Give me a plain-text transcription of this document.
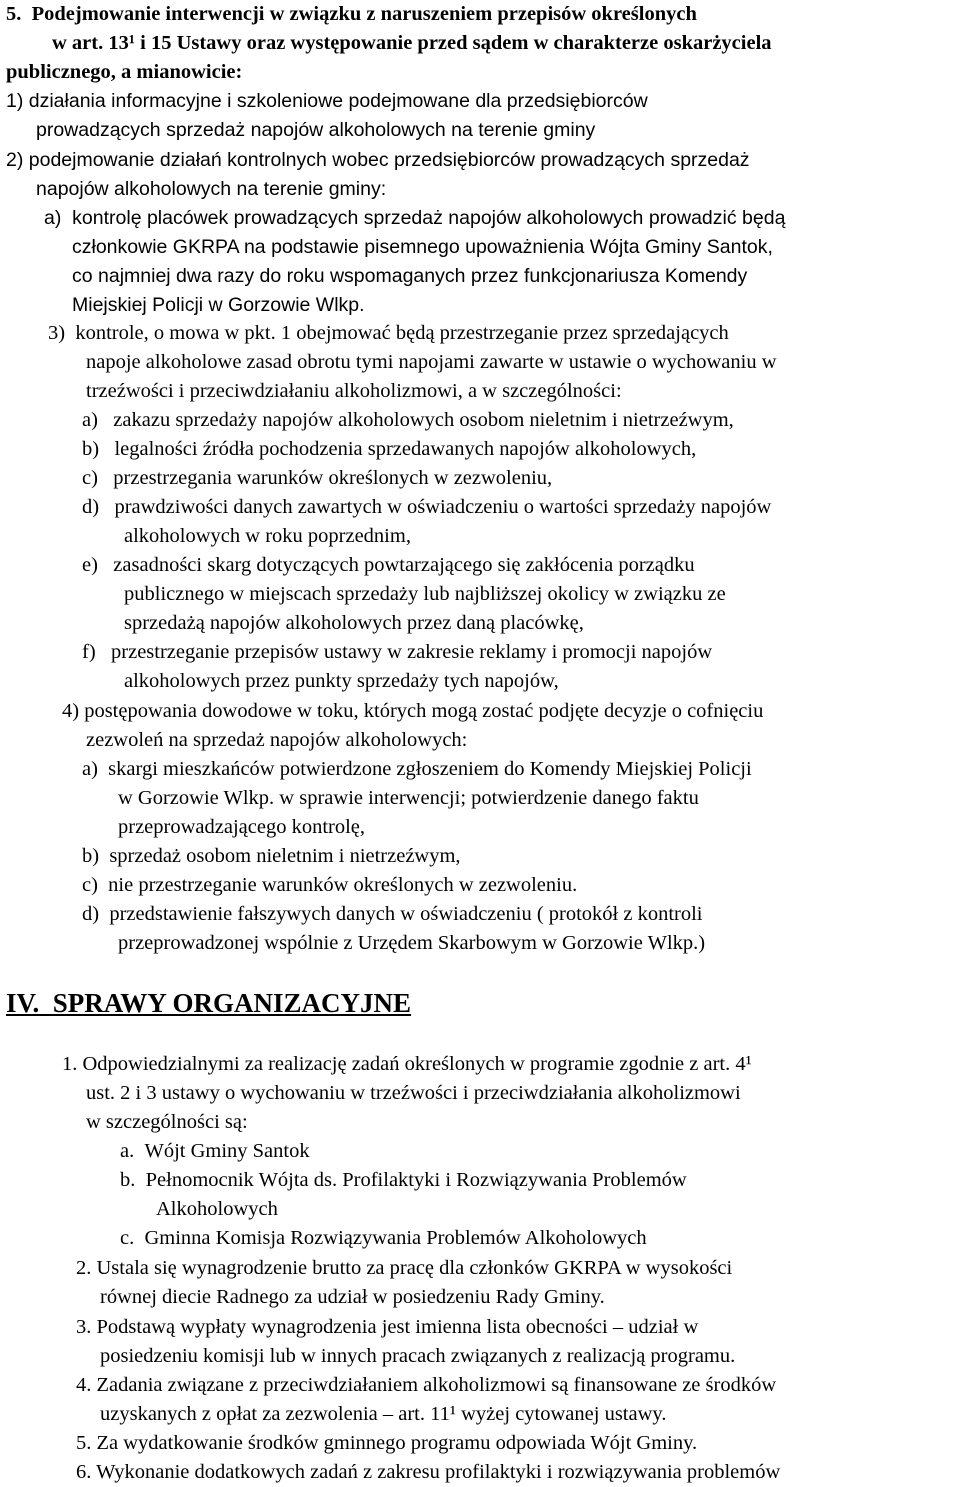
5.  Podejmowanie interwencji w związku z naruszeniem przepisów określonych
w art. 13¹ i 15 Ustawy oraz występowanie przed sądem w charakterze oskarżyciela
publicznego, a mianowicie:
1) działania informacyjne i szkoleniowe podejmowane dla przedsiębiorców
prowadzących sprzedaż napojów alkoholowych na terenie gminy
2) podejmowanie działań kontrolnych wobec przedsiębiorców prowadzących sprzedaż
napojów alkoholowych na terenie gminy:
a)  kontrolę placówek prowadzących sprzedaż napojów alkoholowych prowadzić będą
członkowie GKRPA na podstawie pisemnego upoważnienia Wójta Gminy Santok,
co najmniej dwa razy do roku wspomaganych przez funkcjonariusza Komendy
Miejskiej Policji w Gorzowie Wlkp.
3)  kontrole, o mowa w pkt. 1 obejmować będą przestrzeganie przez sprzedających
napoje alkoholowe zasad obrotu tymi napojami zawarte w ustawie o wychowaniu w
trzeźwości i przeciwdziałaniu alkoholizmowi, a w szczególności:
a)   zakazu sprzedaży napojów alkoholowych osobom nieletnim i nietrzeźwym,
b)   legalności źródła pochodzenia sprzedawanych napojów alkoholowych,
c)   przestrzegania warunków określonych w zezwoleniu,
d)   prawdziwości danych zawartych w oświadczeniu o wartości sprzedaży napojów
alkoholowych w roku poprzednim,
e)   zasadności skarg dotyczących powtarzającego się zakłócenia porządku
publicznego w miejscach sprzedaży lub najbliższej okolicy w związku ze
sprzedażą napojów alkoholowych przez daną placówkę,
f)   przestrzeganie przepisów ustawy w zakresie reklamy i promocji napojów
alkoholowych przez punkty sprzedaży tych napojów,
4) postępowania dowodowe w toku, których mogą zostać podjęte decyzje o cofnięciu
zezwoleń na sprzedaż napojów alkoholowych:
a)  skargi mieszkańców potwierdzone zgłoszeniem do Komendy Miejskiej Policji
w Gorzowie Wlkp. w sprawie interwencji; potwierdzenie danego faktu
przeprowadzającego kontrolę,
b)  sprzedaż osobom nieletnim i nietrzeźwym,
c)  nie przestrzeganie warunków określonych w zezwoleniu.
d)  przedstawienie fałszywych danych w oświadczeniu ( protokół z kontroli
przeprowadzonej wspólnie z Urzędem Skarbowym w Gorzowie Wlkp.)
IV.  SPRAWY ORGANIZACYJNE
1. Odpowiedzialnymi za realizację zadań określonych w programie zgodnie z art. 4¹
ust. 2 i 3 ustawy o wychowaniu w trzeźwości i przeciwdziałania alkoholizmowi
w szczególności są:
a.  Wójt Gminy Santok
b.  Pełnomocnik Wójta ds. Profilaktyki i Rozwiązywania Problemów
Alkoholowych
c.  Gminna Komisja Rozwiązywania Problemów Alkoholowych
2. Ustala się wynagrodzenie brutto za pracę dla członków GKRPA w wysokości
równej diecie Radnego za udział w posiedzeniu Rady Gminy.
3. Podstawą wypłaty wynagrodzenia jest imienna lista obecności – udział w
posiedzeniu komisji lub w innych pracach związanych z realizacją programu.
4. Zadania związane z przeciwdziałaniem alkoholizmowi są finansowane ze środków
uzyskanych z opłat za zezwolenia – art. 11¹ wyżej cytowanej ustawy.
5. Za wydatkowanie środków gminnego programu odpowiada Wójt Gminy.
6. Wykonanie dodatkowych zadań z zakresu profilaktyki i rozwiązywania problemów
